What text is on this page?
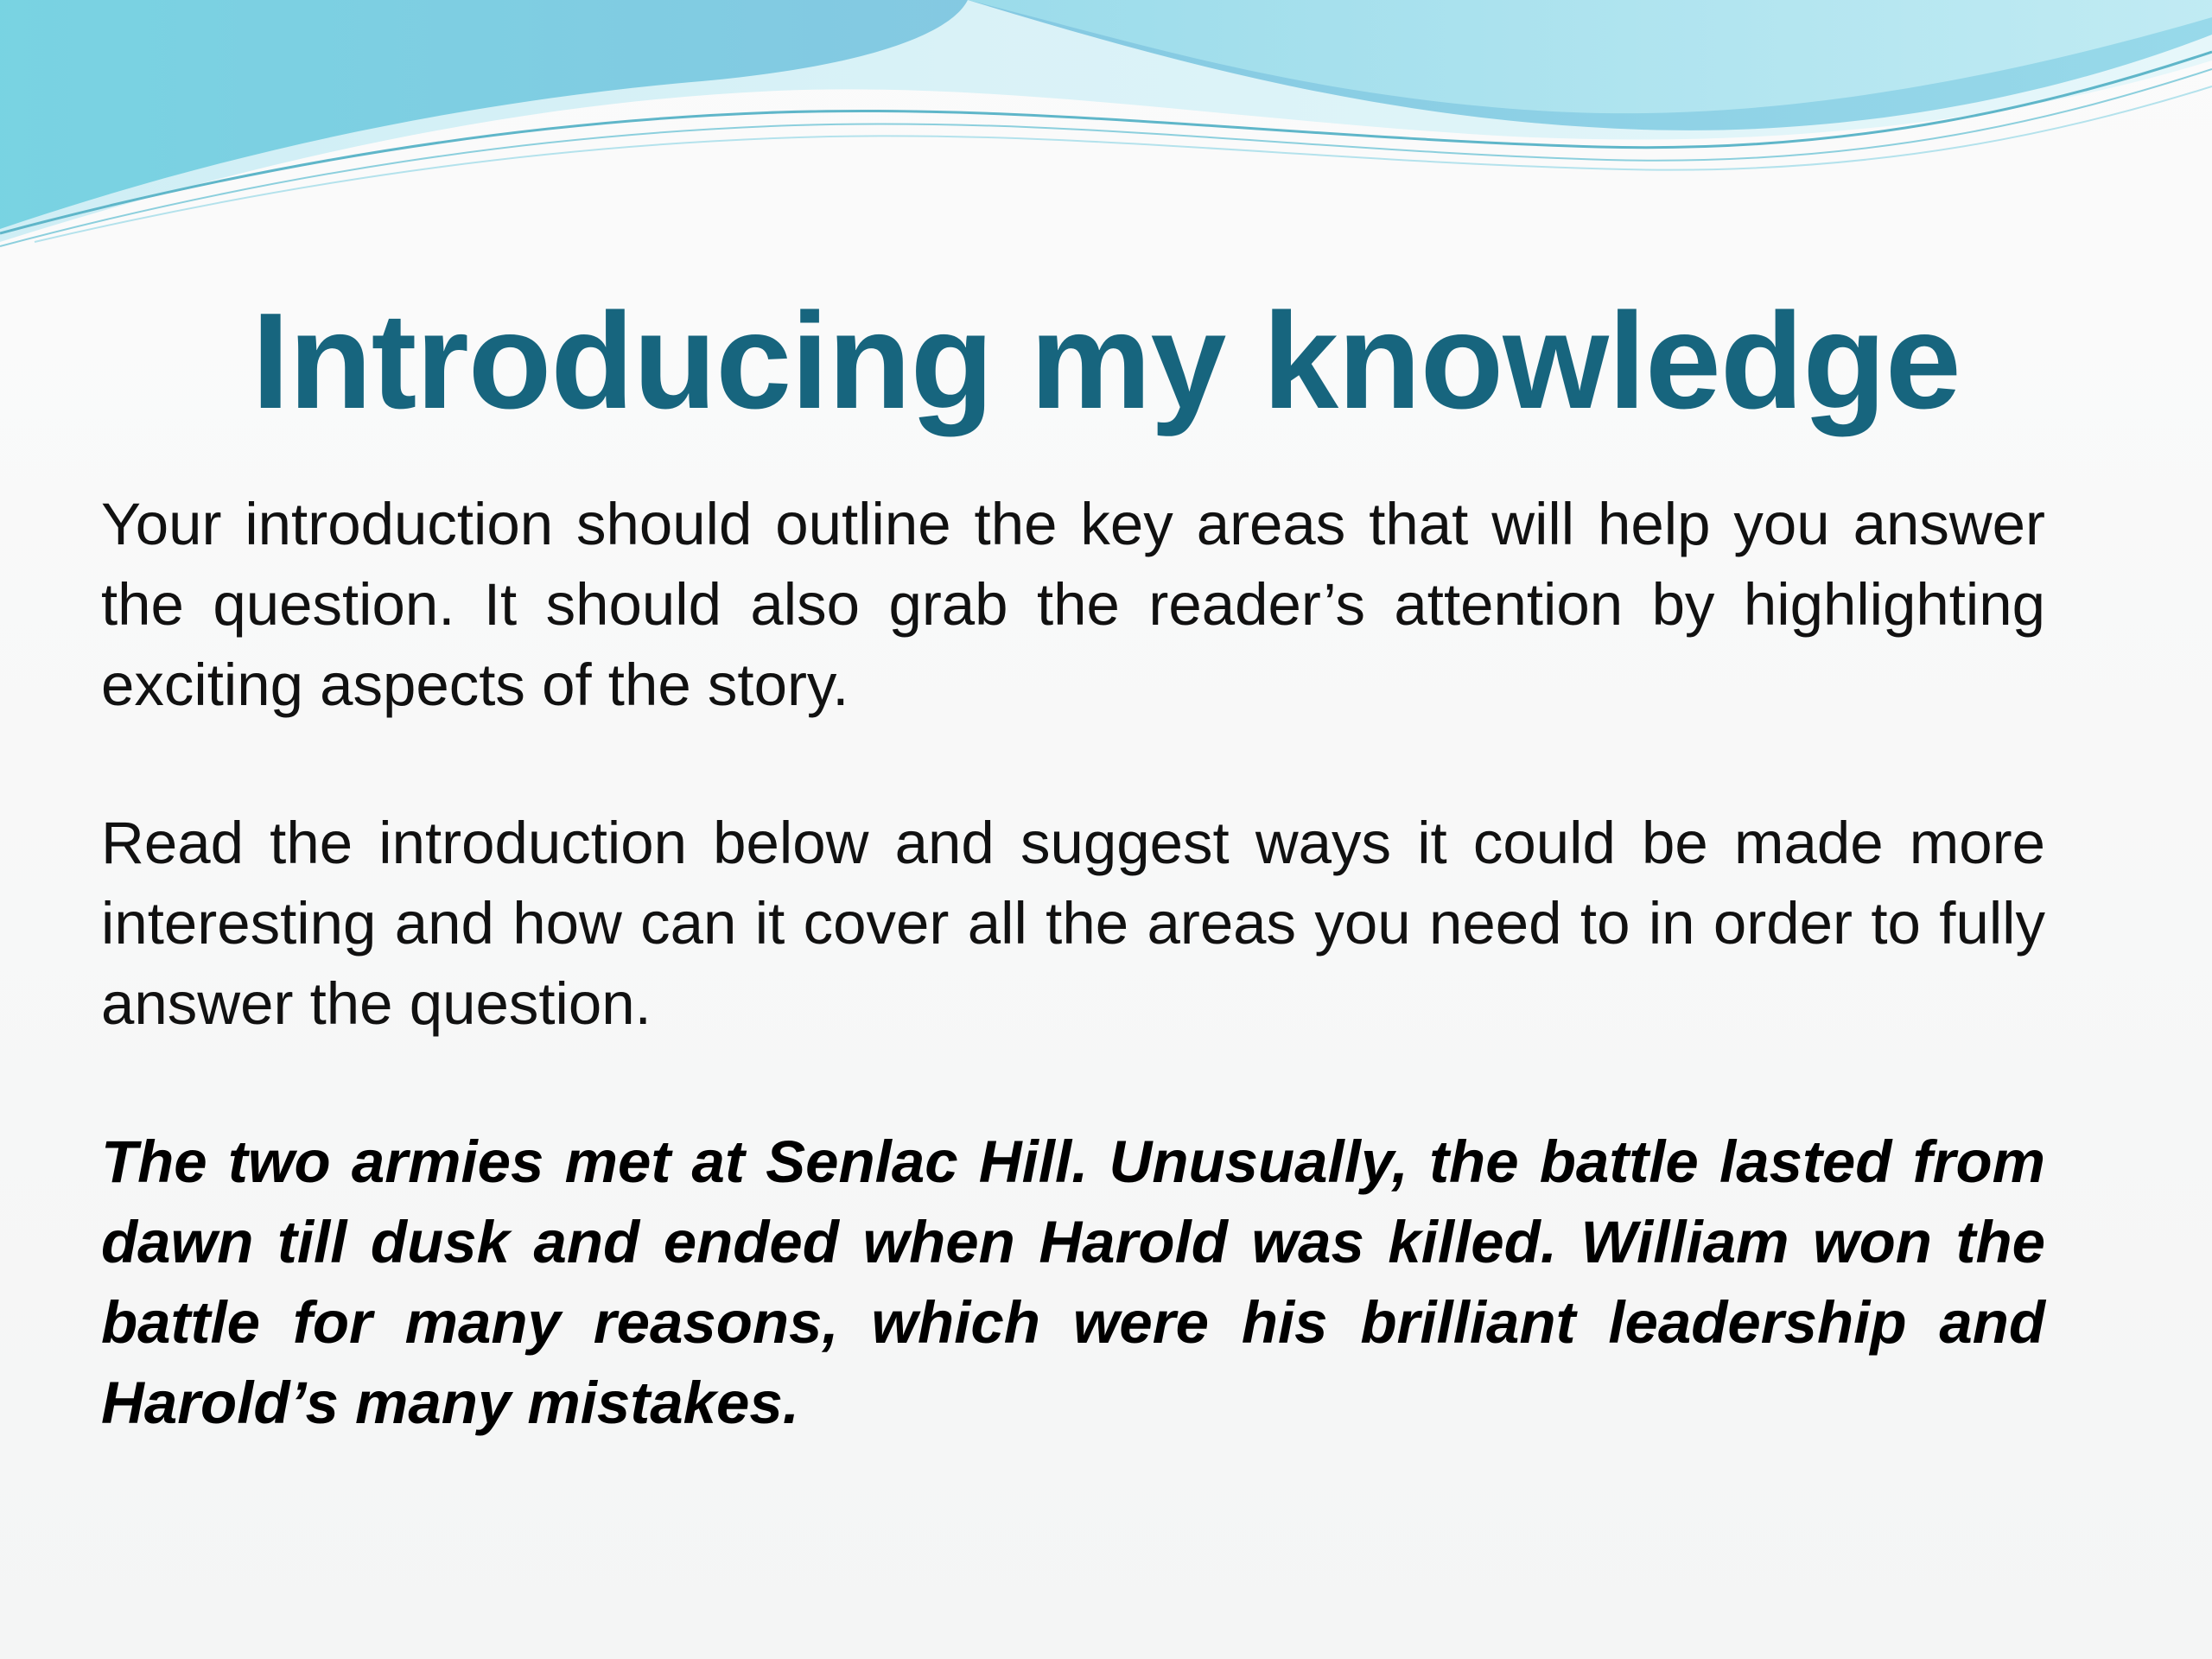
Introducing my knowledge

Your introduction should outline the key areas that will help you answer the question. It should also grab the reader’s attention by highlighting exciting aspects of the story.

Read the introduction below and suggest ways it could be made more interesting and how can it cover all the areas you need to in order to fully answer the question.

The two armies met at Senlac Hill. Unusually, the battle lasted from dawn till dusk and ended when Harold was killed. William won the battle for many reasons, which were his brilliant leadership and Harold’s many mistakes.
